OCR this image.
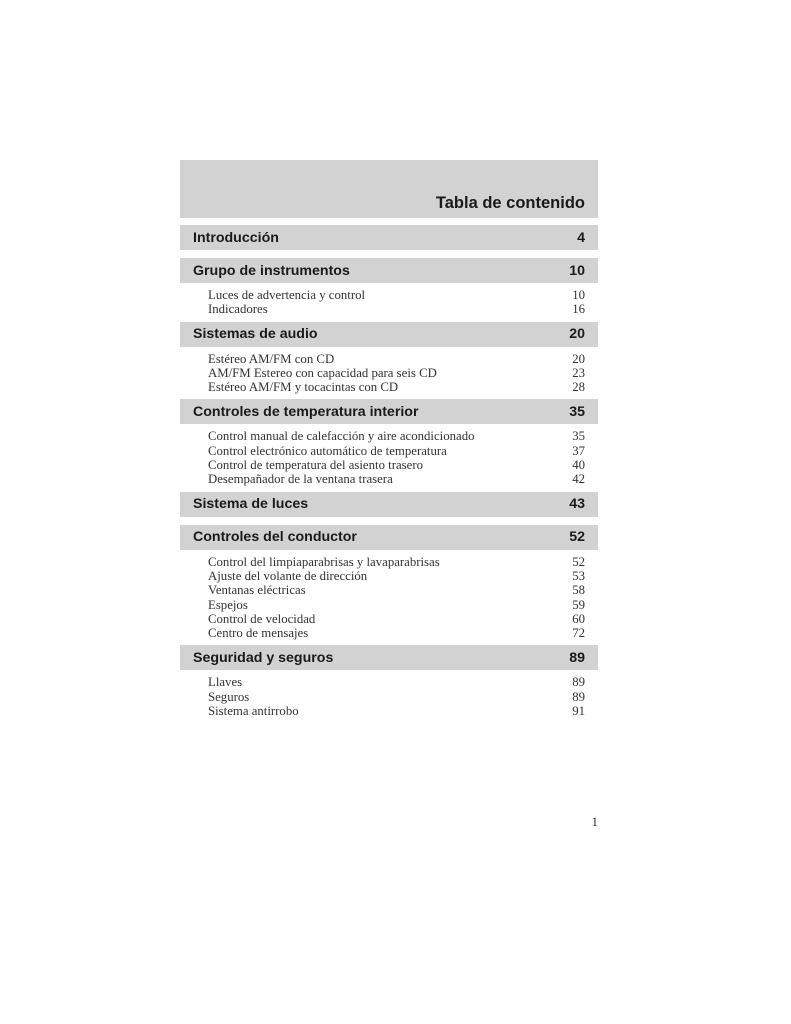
Tabla de contenido
Introducción	4
Grupo de instrumentos	10
Luces de advertencia y control	10
Indicadores	16
Sistemas de audio	20
Estéreo AM/FM con CD	20
AM/FM Estereo con capacidad para seis CD	23
Estéreo AM/FM y tocacintas con CD	28
Controles de temperatura interior	35
Control manual de calefacción y aire acondicionado	35
Control electrónico automático de temperatura	37
Control de temperatura del asiento trasero	40
Desempañador de la ventana trasera	42
Sistema de luces	43
Controles del conductor	52
Control del limpiaparabrisas y lavaparabrisas	52
Ajuste del volante de dirección	53
Ventanas eléctricas	58
Espejos	59
Control de velocidad	60
Centro de mensajes	72
Seguridad y seguros	89
Llaves	89
Seguros	89
Sistema antirrobo	91
1
